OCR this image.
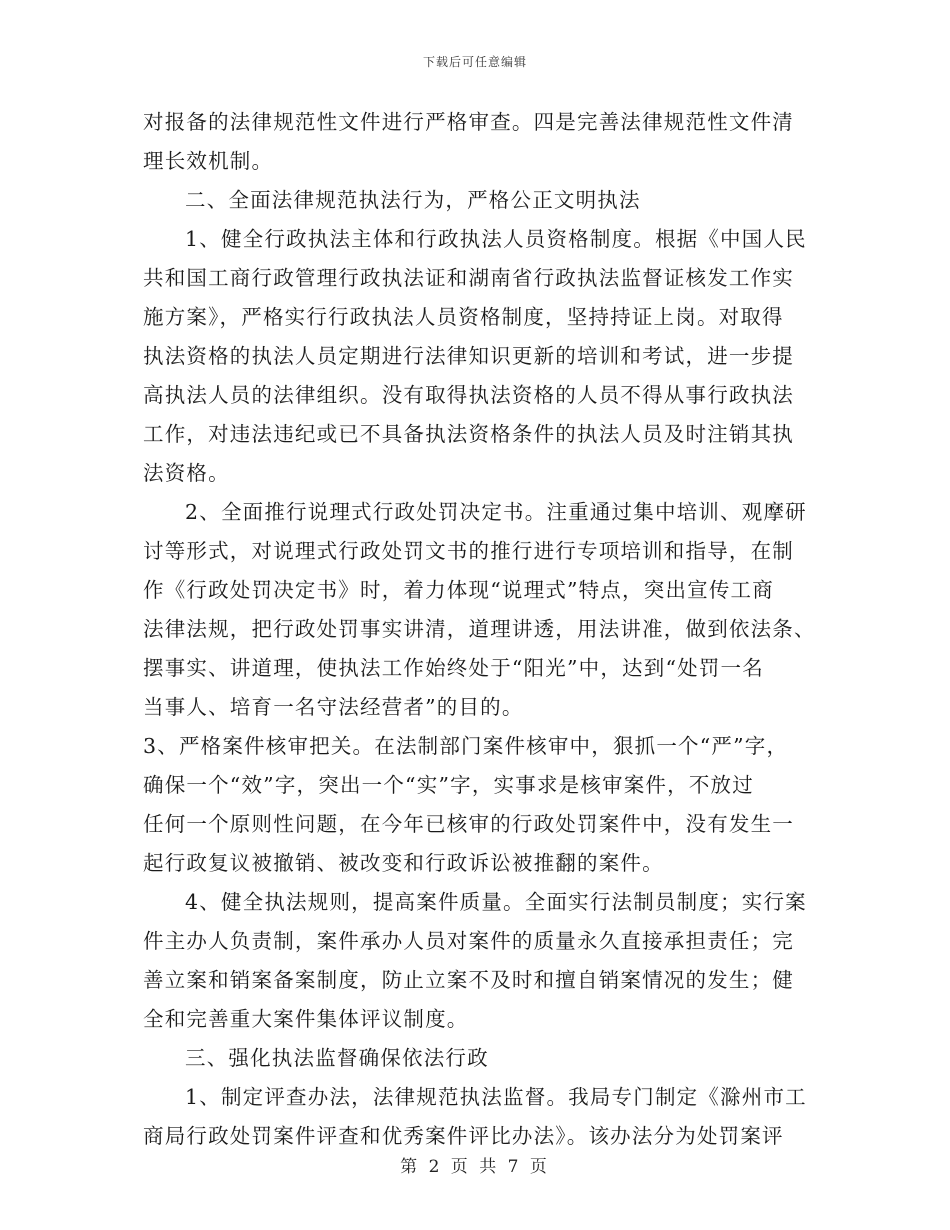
下载后可任意编辑
对报备的法律规范性文件进行严格审查。四是完善法律规范性文件清
理长效机制。
二、全面法律规范执法行为，严格公正文明执法
1、健全行政执法主体和行政执法人员资格制度。根据《中国人民
共和国工商行政管理行政执法证和湖南省行政执法监督证核发工作实
施方案》，严格实行行政执法人员资格制度，坚持持证上岗。对取得
执法资格的执法人员定期进行法律知识更新的培训和考试，进一步提
高执法人员的法律组织。没有取得执法资格的人员不得从事行政执法
工作，对违法违纪或已不具备执法资格条件的执法人员及时注销其执
法资格。
2、全面推行说理式行政处罚决定书。注重通过集中培训、观摩研
讨等形式，对说理式行政处罚文书的推行进行专项培训和指导，在制
作《行政处罚决定书》时，着力体现“说理式”特点，突出宣传工商
法律法规，把行政处罚事实讲清，道理讲透，用法讲准，做到依法条、
摆事实、讲道理，使执法工作始终处于“阳光”中，达到“处罚一名
当事人、培育一名守法经营者”的目的。
3、严格案件核审把关。在法制部门案件核审中，狠抓一个“严”字，
确保一个“效”字，突出一个“实”字，实事求是核审案件，不放过
任何一个原则性问题，在今年已核审的行政处罚案件中，没有发生一
起行政复议被撤销、被改变和行政诉讼被推翻的案件。
4、健全执法规则，提高案件质量。全面实行法制员制度；实行案
件主办人负责制，案件承办人员对案件的质量永久直接承担责任；完
善立案和销案备案制度，防止立案不及时和擅自销案情况的发生；健
全和完善重大案件集体评议制度。
三、强化执法监督确保依法行政
1、制定评查办法，法律规范执法监督。我局专门制定《滁州市工
商局行政处罚案件评查和优秀案件评比办法》。该办法分为处罚案评
第 2 页 共 7 页
